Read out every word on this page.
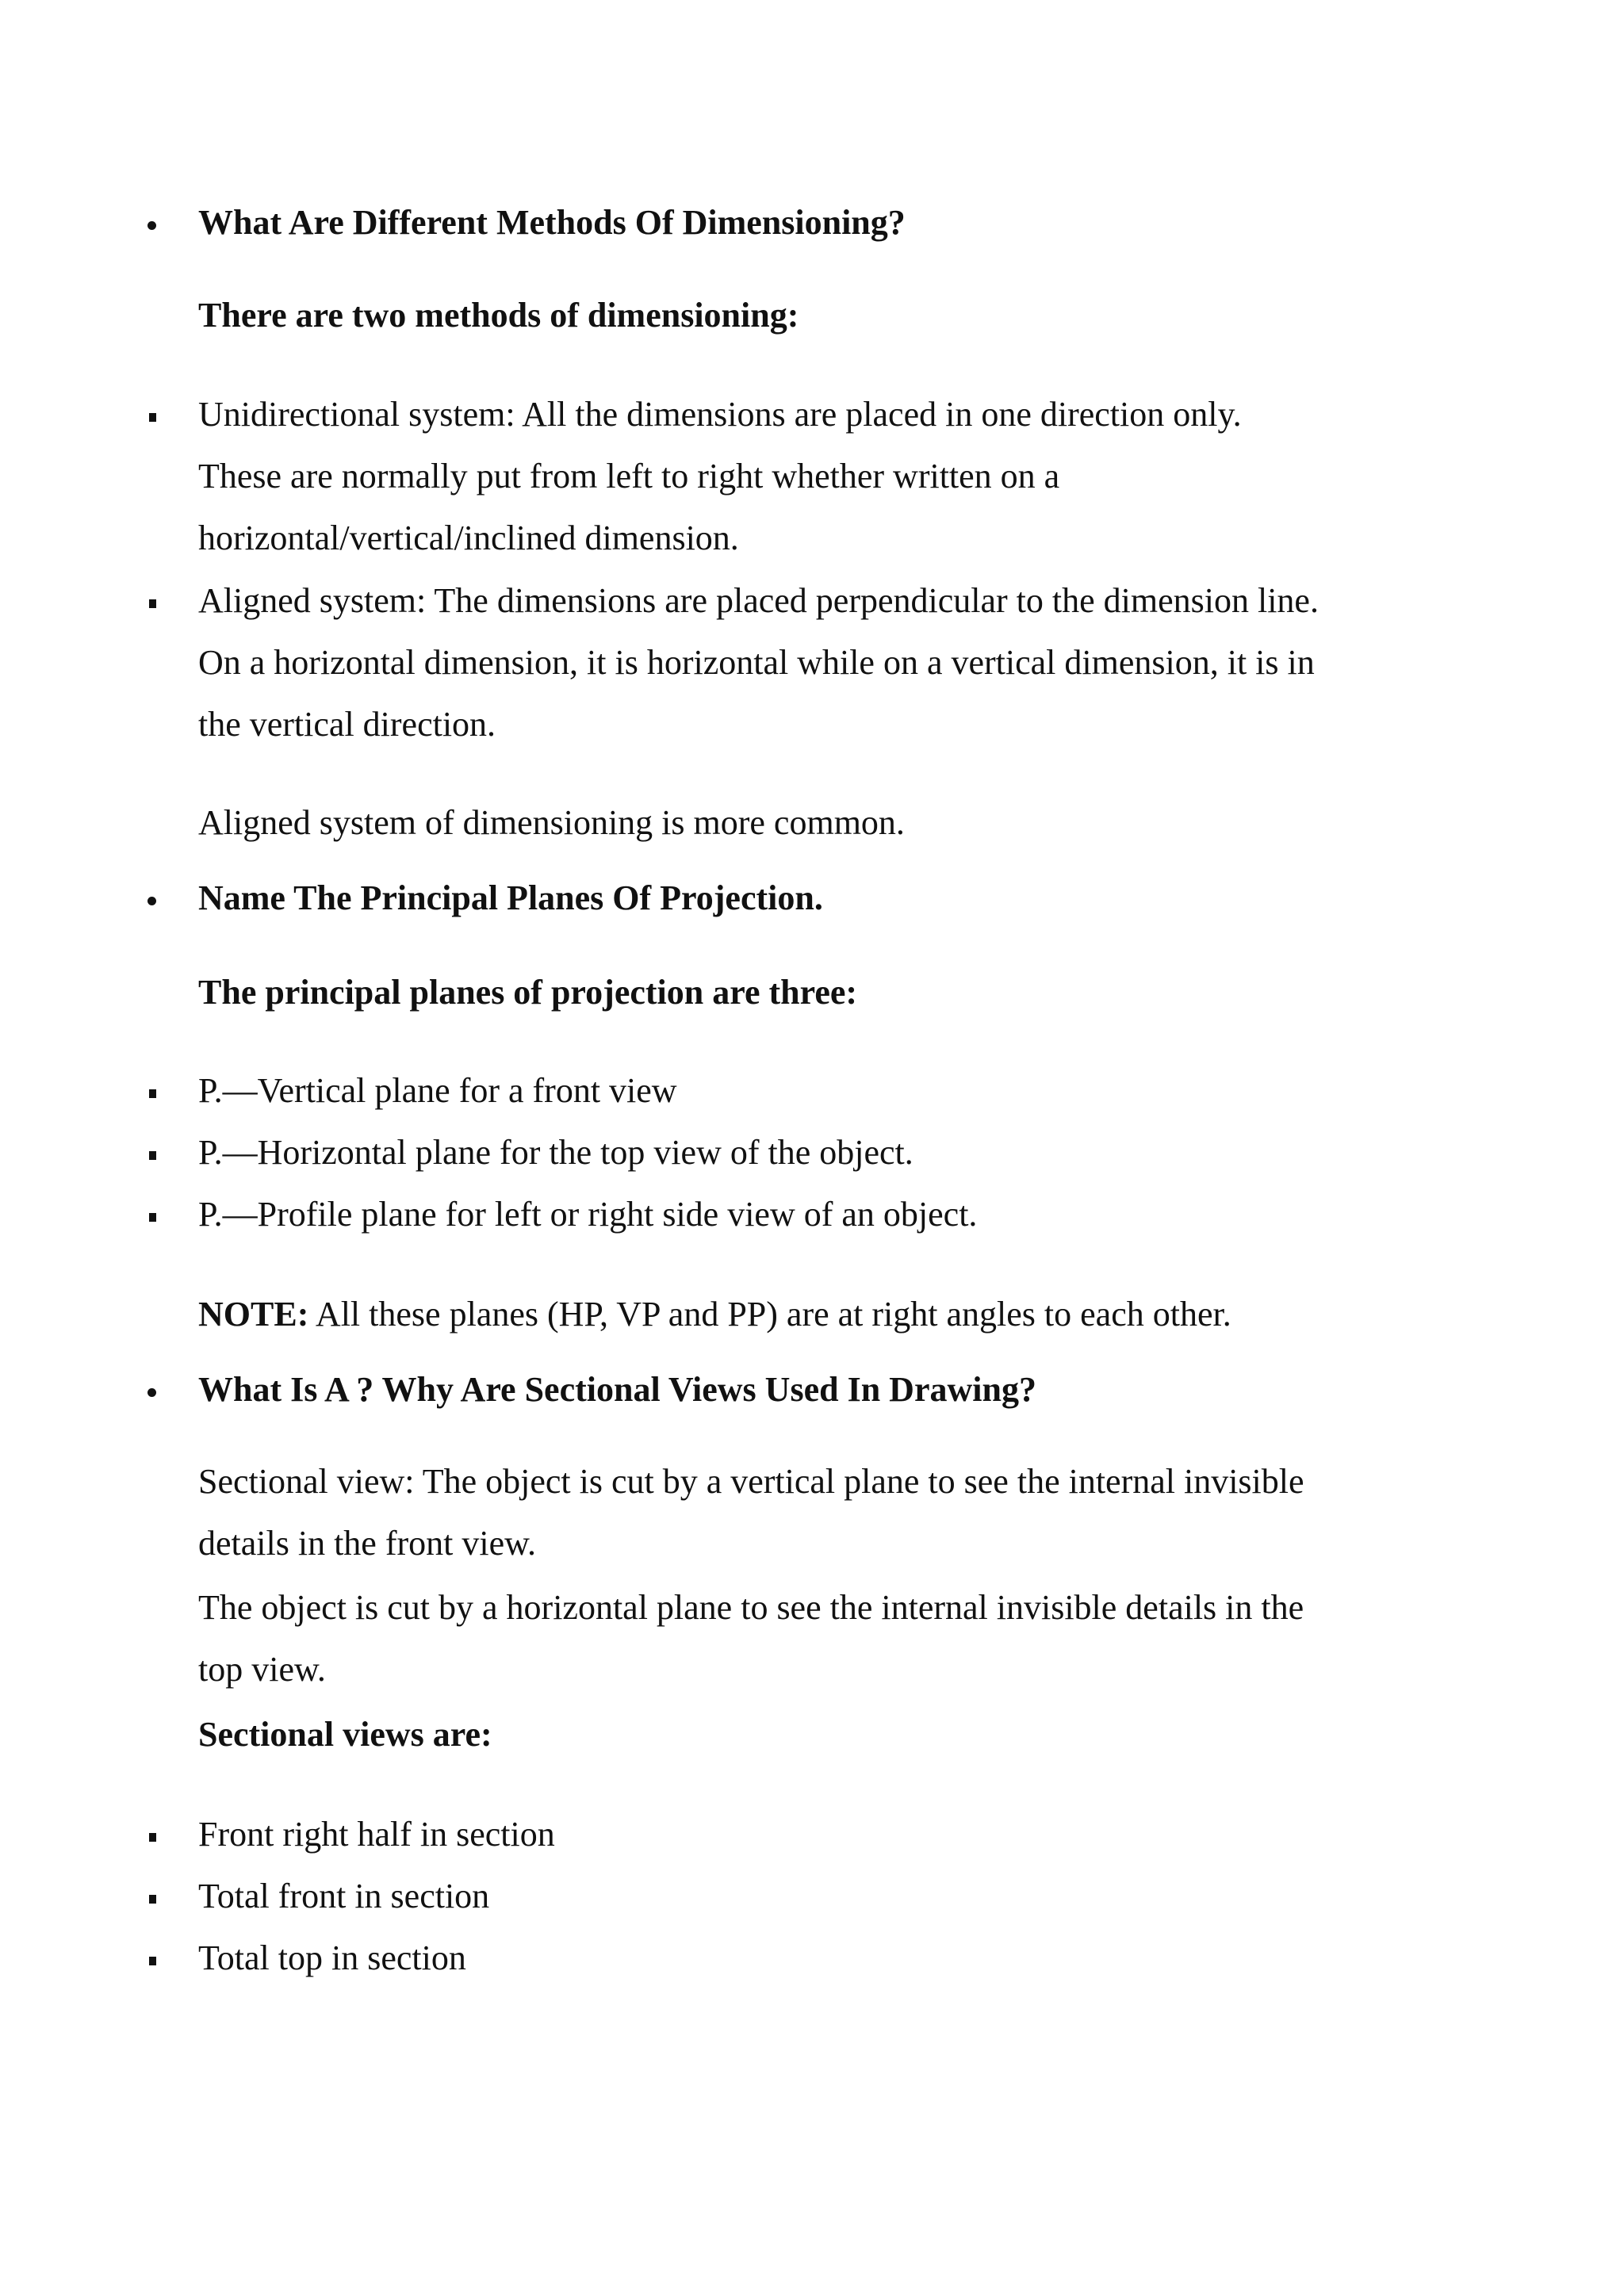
What Are Different Methods Of Dimensioning?
There are two methods of dimensioning:
Unidirectional system: All the dimensions are placed in one direction only.
These are normally put from left to right whether written on a
horizontal/vertical/inclined dimension.
Aligned system: The dimensions are placed perpendicular to the dimension line.
On a horizontal dimension, it is horizontal while on a vertical dimension, it is in
the vertical direction.
Aligned system of dimensioning is more common.
Name The Principal Planes Of Projection.
The principal planes of projection are three:
P.—Vertical plane for a front view
P.—Horizontal plane for the top view of the object.
P.—Profile plane for left or right side view of an object.
NOTE: All these planes (HP, VP and PP) are at right angles to each other.
What Is A ? Why Are Sectional Views Used In Drawing?
Sectional view: The object is cut by a vertical plane to see the internal invisible
details in the front view.
The object is cut by a horizontal plane to see the internal invisible details in the
top view.
Sectional views are:
Front right half in section
Total front in section
Total top in section
